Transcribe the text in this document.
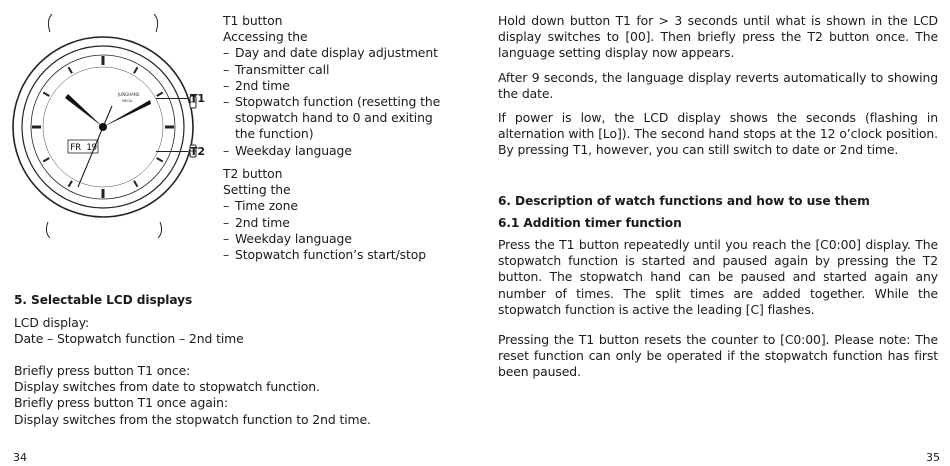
JUNGHANS
MEGA
FR 19
T1
T2
T1 button
Accessing the
– Day and date display adjustment
– Transmitter call
– 2nd time
– Stopwatch function (resetting the stopwatch hand to 0 and exiting the function)
– Weekday language
T2 button
Setting the
– Time zone
– 2nd time
– Weekday language
– Stopwatch function’s start/stop
5. Selectable LCD displays
LCD display:
Date – Stopwatch function – 2nd time
Briefly press button T1 once:
Display switches from date to stopwatch function.
Briefly press button T1 once again:
Display switches from the stopwatch function to 2nd time.
34

Hold down button T1 for > 3 seconds until what is shown in the LCD display switches to [00]. Then briefly press the T2 button once. The language setting display now appears.

After 9 seconds, the language display reverts automatically to showing the date.

If power is low, the LCD display shows the seconds (flashing in alternation with [Lo]). The second hand stops at the 12 o’clock position. By pressing T1, however, you can still switch to date or 2nd time.

6. Description of watch functions and how to use them
6.1 Addition timer function

Press the T1 button repeatedly until you reach the [C0:00] display. The stopwatch function is started and paused again by pressing the T2 button. The stopwatch hand can be paused and started again any number of times. The split times are added together. While the stopwatch function is active the leading [C] flashes.

Pressing the T1 button resets the counter to [C0:00]. Please note: The reset function can only be operated if the stopwatch function has first been paused.

35
